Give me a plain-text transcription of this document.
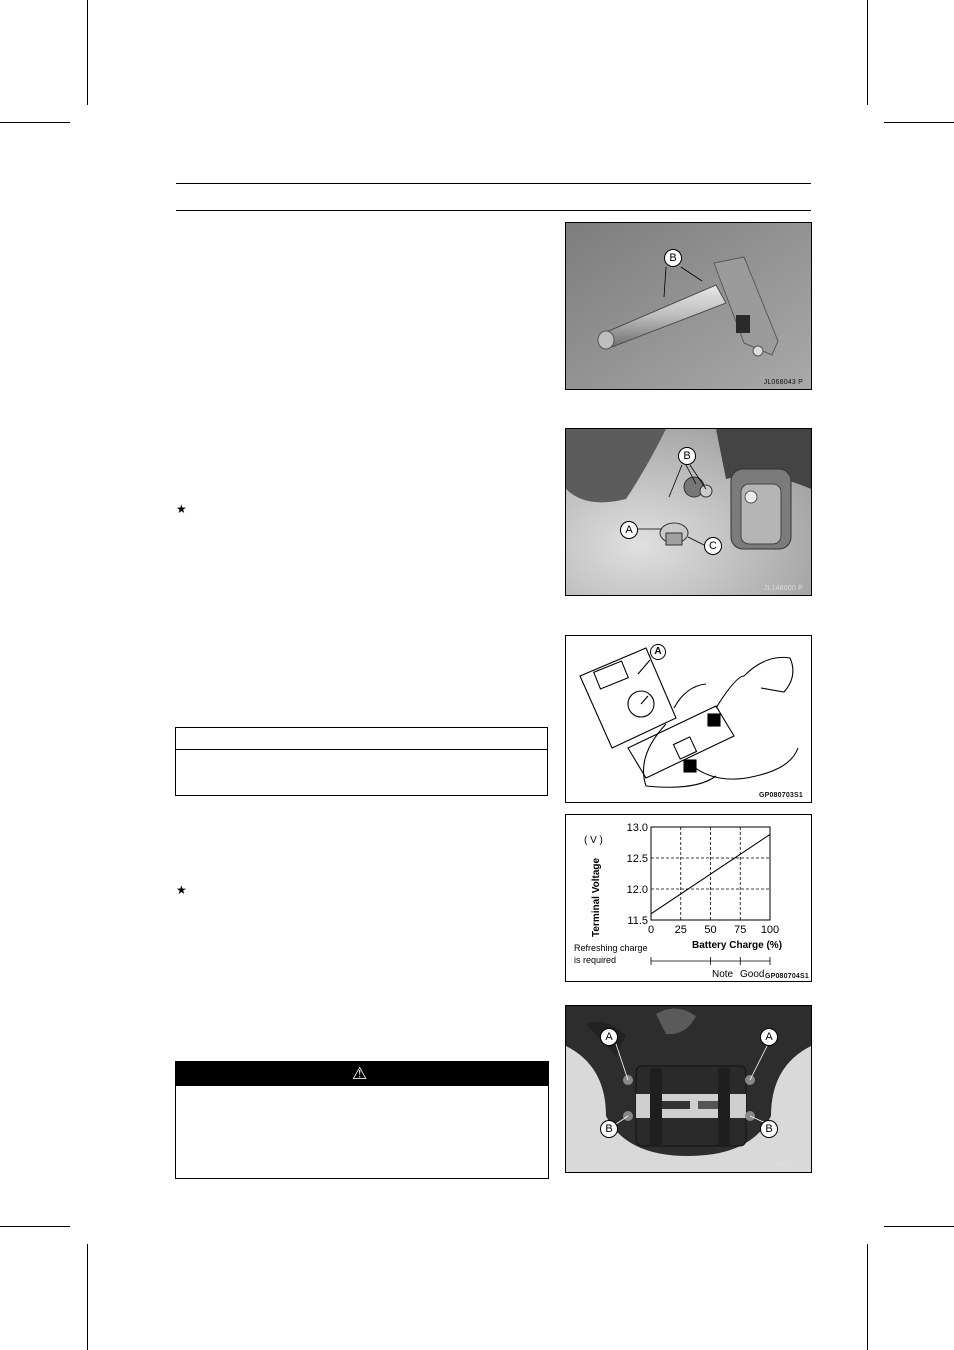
★
★
⚠
B
JL068043 P
B
A
C
JL148000 P
A
GP080703S1
0 25 50 75 100
13.0
12.5
12.0
11.5
( V )
Terminal Voltage
Battery Charge (%)
Refreshing charge
is required
Note Good GP080704S1
A	A
B	B
JL158003 P
